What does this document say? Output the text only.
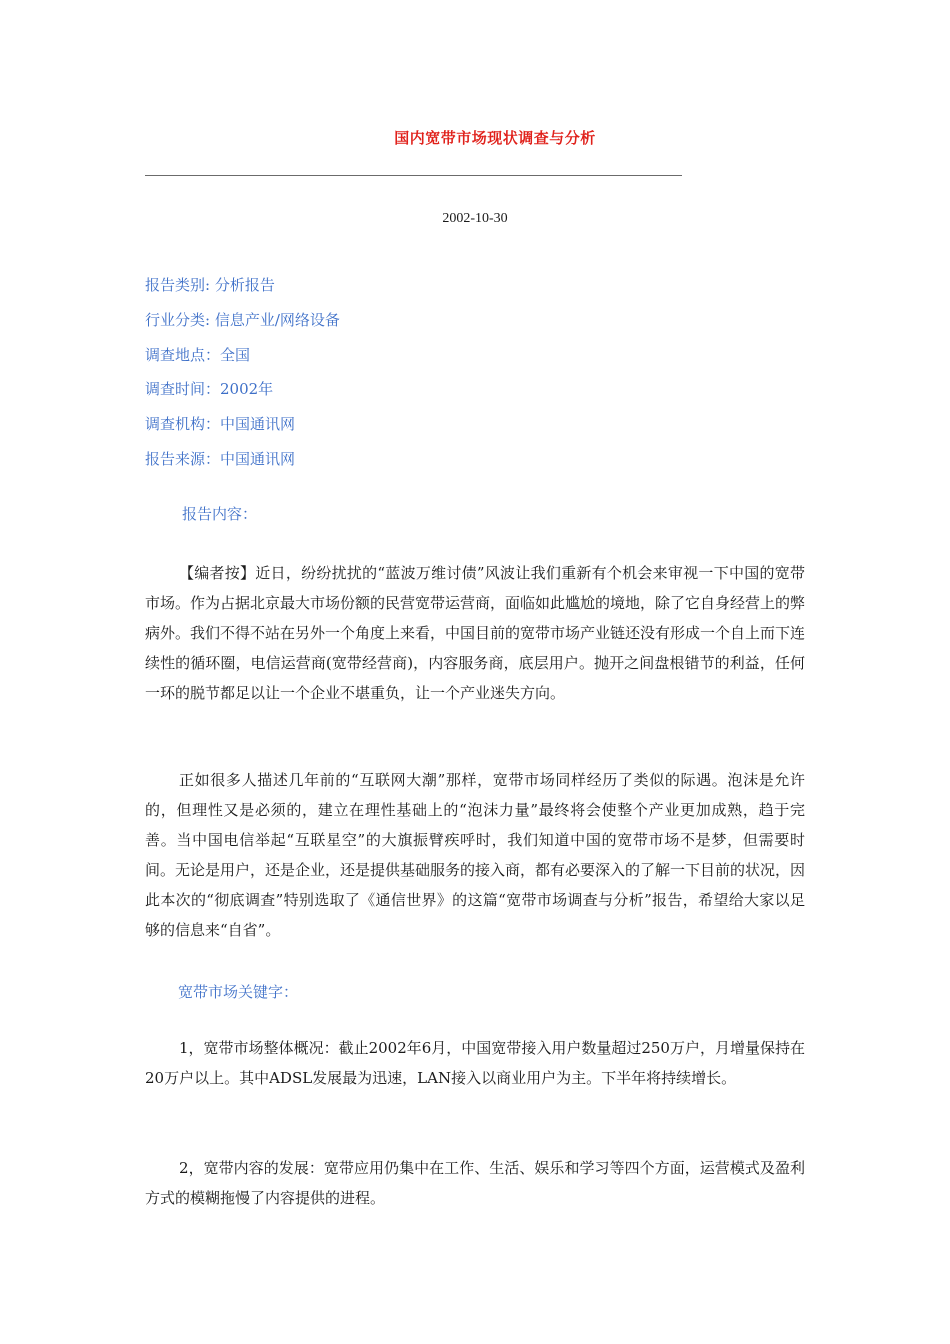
国内宽带市场现状调查与分析
2002-10-30
报告类别: 分析报告
行业分类: 信息产业/网络设备
调查地点：全国
调查时间：2002年
调查机构：中国通讯网
报告来源：中国通讯网
报告内容：

【编者按】近日，纷纷扰扰的“蓝波万维讨债”风波让我们重新有个机会来审视一下中国的宽带市场。作为占据北京最大市场份额的民营宽带运营商，面临如此尴尬的境地，除了它自身经营上的弊病外。我们不得不站在另外一个角度上来看，中国目前的宽带市场产业链还没有形成一个自上而下连续性的循环圈，电信运营商(宽带经营商)，内容服务商，底层用户。抛开之间盘根错节的利益，任何一环的脱节都足以让一个企业不堪重负，让一个产业迷失方向。

正如很多人描述几年前的“互联网大潮”那样，宽带市场同样经历了类似的际遇。泡沫是允许的，但理性又是必须的，建立在理性基础上的“泡沫力量”最终将会使整个产业更加成熟，趋于完善。当中国电信举起“互联星空”的大旗振臂疾呼时，我们知道中国的宽带市场不是梦，但需要时间。无论是用户，还是企业，还是提供基础服务的接入商，都有必要深入的了解一下目前的状况，因此本次的“彻底调查”特别选取了《通信世界》的这篇“宽带市场调查与分析”报告，希望给大家以足够的信息来“自省”。

宽带市场关键字：

1，宽带市场整体概况：截止2002年6月，中国宽带接入用户数量超过250万户，月增量保持在20万户以上。其中ADSL发展最为迅速，LAN接入以商业用户为主。下半年将持续增长。

2，宽带内容的发展：宽带应用仍集中在工作、生活、娱乐和学习等四个方面，运营模式及盈利方式的模糊拖慢了内容提供的进程。
